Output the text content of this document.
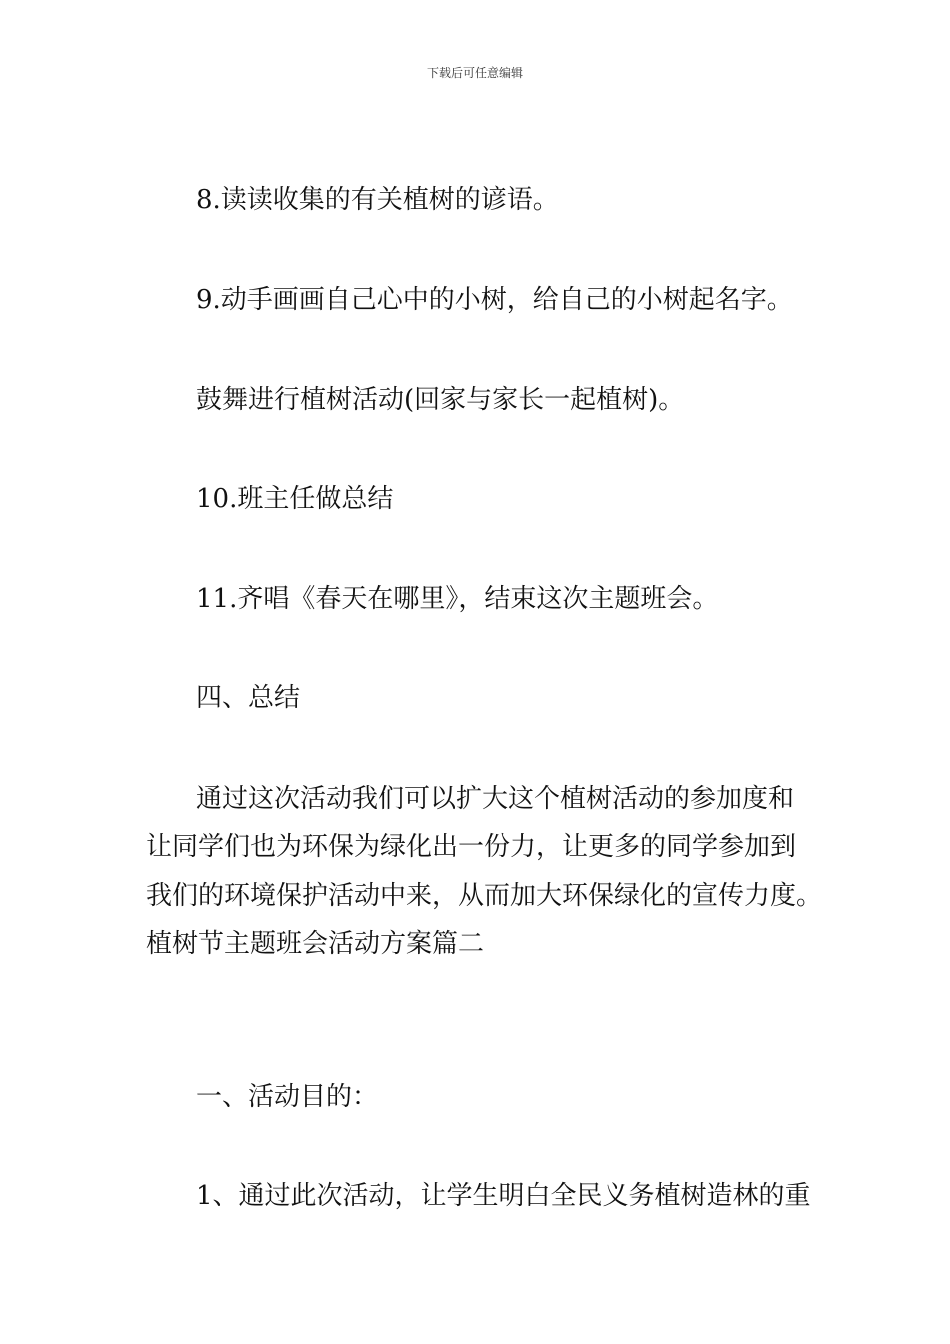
下载后可任意编辑
8.读读收集的有关植树的谚语。
9.动手画画自己心中的小树，给自己的小树起名字。
鼓舞进行植树活动(回家与家长一起植树)。
10.班主任做总结
11.齐唱《春天在哪里》，结束这次主题班会。
四、总结
通过这次活动我们可以扩大这个植树活动的参加度和
让同学们也为环保为绿化出一份力，让更多的同学参加到
我们的环境保护活动中来，从而加大环保绿化的宣传力度。
植树节主题班会活动方案篇二
一、活动目的：
1、通过此次活动，让学生明白全民义务植树造林的重
